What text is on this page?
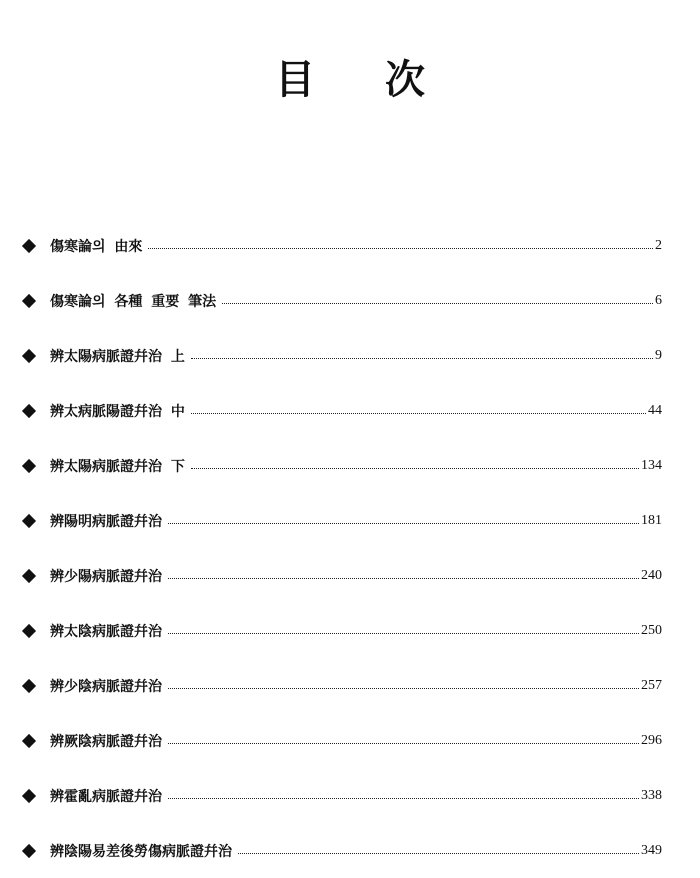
目次
傷寒論의 由來	2
傷寒論의 各種 重要 筆法	6
辨太陽病脈證幷治 上	9
辨太病脈陽證幷治 中	44
辨太陽病脈證幷治 下	134
辨陽明病脈證幷治	181
辨少陽病脈證幷治	240
辨太陰病脈證幷治	250
辨少陰病脈證幷治	257
辨厥陰病脈證幷治	296
辨霍亂病脈證幷治	338
辨陰陽易差後勞傷病脈證幷治	349
